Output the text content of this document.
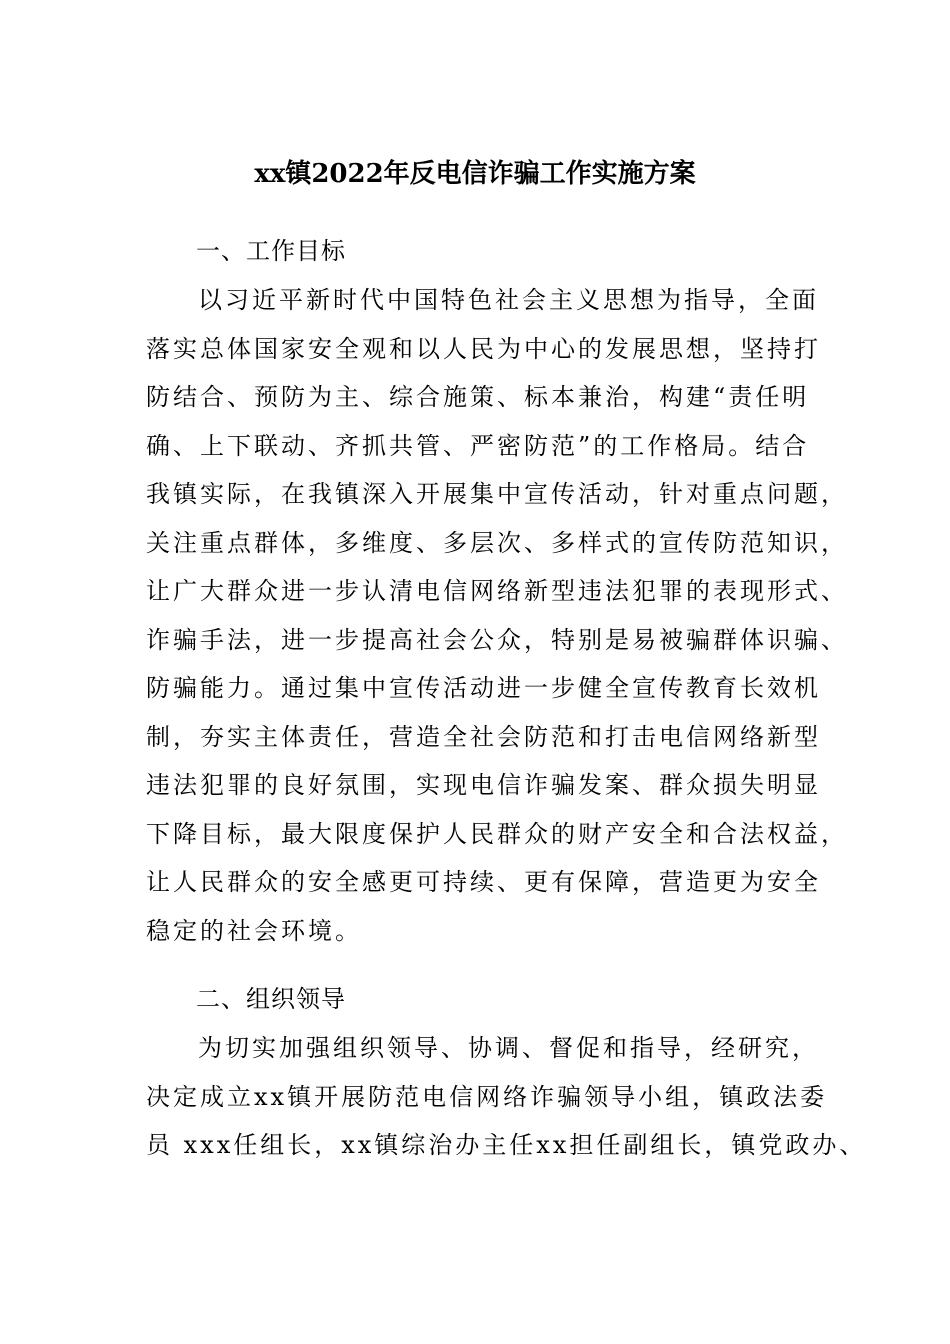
xx镇2022年反电信诈骗工作实施方案
一、工作目标
以习近平新时代中国特色社会主义思想为指导，全面
落实总体国家安全观和以人民为中心的发展思想，坚持打
防结合、预防为主、综合施策、标本兼治，构建“责任明
确、上下联动、齐抓共管、严密防范”的工作格局。结合
我镇实际，在我镇深入开展集中宣传活动，针对重点问题，
关注重点群体，多维度、多层次、多样式的宣传防范知识，
让广大群众进一步认清电信网络新型违法犯罪的表现形式、
诈骗手法，进一步提高社会公众，特别是易被骗群体识骗、
防骗能力。通过集中宣传活动进一步健全宣传教育长效机
制，夯实主体责任，营造全社会防范和打击电信网络新型
违法犯罪的良好氛围，实现电信诈骗发案、群众损失明显
下降目标，最大限度保护人民群众的财产安全和合法权益，
让人民群众的安全感更可持续、更有保障，营造更为安全
稳定的社会环境。
二、组织领导
为切实加强组织领导、协调、督促和指导，经研究，
决定成立xx镇开展防范电信网络诈骗领导小组，镇政法委
员 xxx任组长，xx镇综治办主任xx担任副组长，镇党政办、
